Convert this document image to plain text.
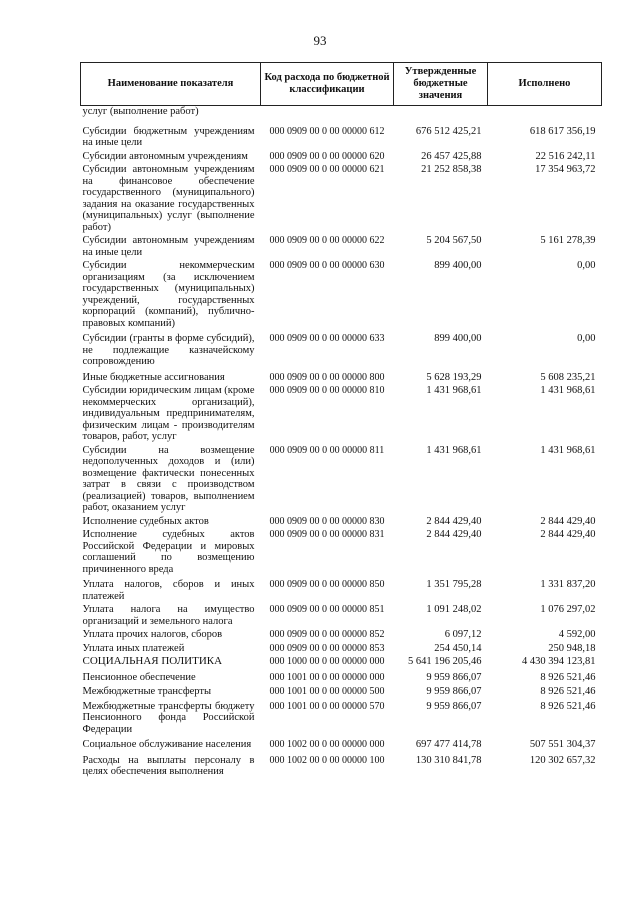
93
Наименование показателя	Код расхода по бюджетной классификации	Утвержденные бюджетные значения	Исполнено
услуг (выполнение работ)			
Субсидии бюджетным учреждениям на иные цели	000 0909 00 0 00 00000 612	676 512 425,21	618 617 356,19
Субсидии автономным учреждениям	000 0909 00 0 00 00000 620	26 457 425,88	22 516 242,11
Субсидии автономным учреждениям на финансовое обеспечение государственного (муниципального) задания на оказание государственных (муниципальных) услуг (выполнение работ)	000 0909 00 0 00 00000 621	21 252 858,38	17 354 963,72
Субсидии автономным учреждениям на иные цели	000 0909 00 0 00 00000 622	5 204 567,50	5 161 278,39
Субсидии некоммерческим организациям (за исключением государственных (муниципальных) учреждений, государственных корпораций (компаний), публично-правовых компаний)	000 0909 00 0 00 00000 630	899 400,00	0,00
Субсидии (гранты в форме субсидий), не подлежащие казначейскому сопровождению	000 0909 00 0 00 00000 633	899 400,00	0,00
Иные бюджетные ассигнования	000 0909 00 0 00 00000 800	5 628 193,29	5 608 235,21
Субсидии юридическим лицам (кроме некоммерческих организаций), индивидуальным предпринимателям, физическим лицам - производителям товаров, работ, услуг	000 0909 00 0 00 00000 810	1 431 968,61	1 431 968,61
Субсидии на возмещение недополученных доходов и (или) возмещение фактически понесенных затрат в связи с производством (реализацией) товаров, выполнением работ, оказанием услуг	000 0909 00 0 00 00000 811	1 431 968,61	1 431 968,61
Исполнение судебных актов	000 0909 00 0 00 00000 830	2 844 429,40	2 844 429,40
Исполнение судебных актов Российской Федерации и мировых соглашений по возмещению причиненного вреда	000 0909 00 0 00 00000 831	2 844 429,40	2 844 429,40
Уплата налогов, сборов и иных платежей	000 0909 00 0 00 00000 850	1 351 795,28	1 331 837,20
Уплата налога на имущество организаций и земельного налога	000 0909 00 0 00 00000 851	1 091 248,02	1 076 297,02
Уплата прочих налогов, сборов	000 0909 00 0 00 00000 852	6 097,12	4 592,00
Уплата иных платежей	000 0909 00 0 00 00000 853	254 450,14	250 948,18
СОЦИАЛЬНАЯ ПОЛИТИКА	000 1000 00 0 00 00000 000	5 641 196 205,46	4 430 394 123,81
Пенсионное обеспечение	000 1001 00 0 00 00000 000	9 959 866,07	8 926 521,46
Межбюджетные трансферты	000 1001 00 0 00 00000 500	9 959 866,07	8 926 521,46
Межбюджетные трансферты бюджету Пенсионного фонда Российской Федерации	000 1001 00 0 00 00000 570	9 959 866,07	8 926 521,46
Социальное обслуживание населения	000 1002 00 0 00 00000 000	697 477 414,78	507 551 304,37
Расходы на выплаты персоналу в целях обеспечения выполнения	000 1002 00 0 00 00000 100	130 310 841,78	120 302 657,32
